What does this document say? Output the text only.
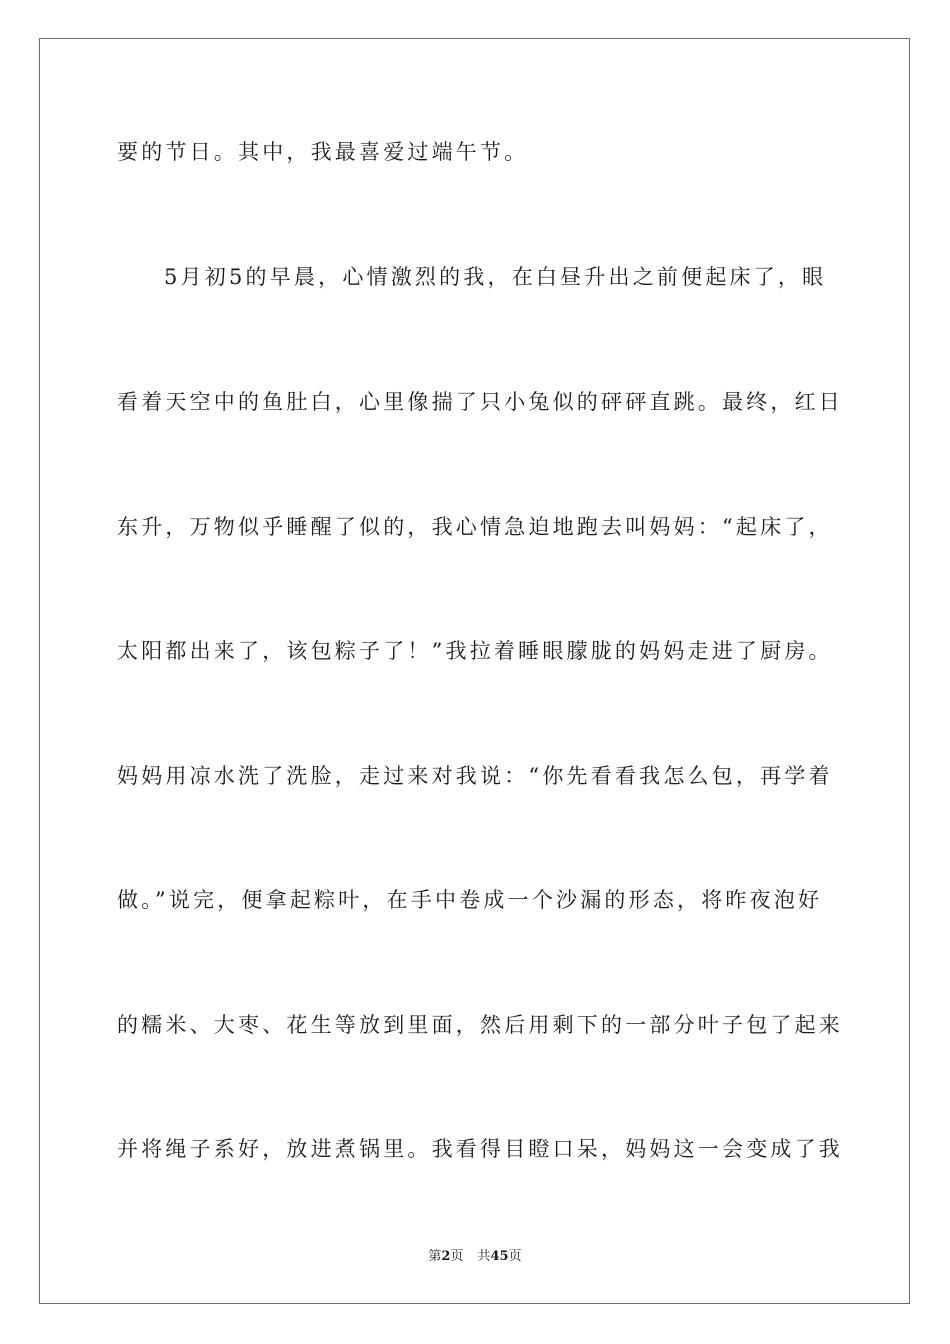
要的节日。其中，我最喜爱过端午节。
5月初5的早晨，心情激烈的我，在白昼升出之前便起床了，眼
看着天空中的鱼肚白，心里像揣了只小兔似的砰砰直跳。最终，红日
东升，万物似乎睡醒了似的，我心情急迫地跑去叫妈妈：“起床了，
太阳都出来了，该包粽子了！”我拉着睡眼朦胧的妈妈走进了厨房。
妈妈用凉水洗了洗脸，走过来对我说：“你先看看我怎么包，再学着
做。”说完，便拿起粽叶，在手中卷成一个沙漏的形态，将昨夜泡好
的糯米、大枣、花生等放到里面，然后用剩下的一部分叶子包了起来
并将绳子系好，放进煮锅里。我看得目瞪口呆，妈妈这一会变成了我
第2页 共45页
